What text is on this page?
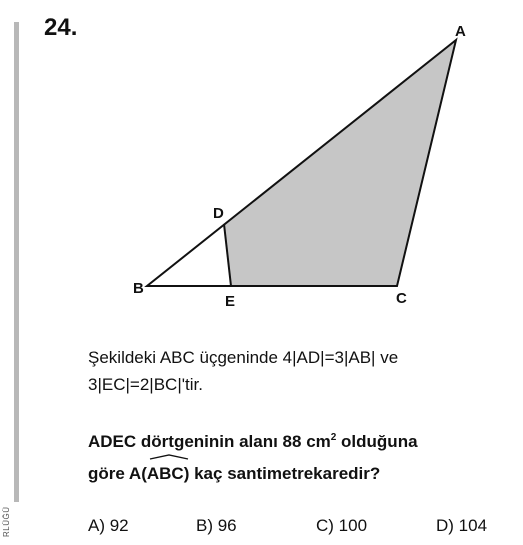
RLÜĞÜ
24.	A
B
C
D
E
Şekildeki ABC üçgeninde 4|AD|=3|AB| ve
3|EC|=2|BC|'tir.
ADEC dörtgeninin alanı 88 $cm^2$ olduğuna
göre A(
ABC) kaç santimetrekaredir?
A) 92	B) 96	C) 100	D) 104
